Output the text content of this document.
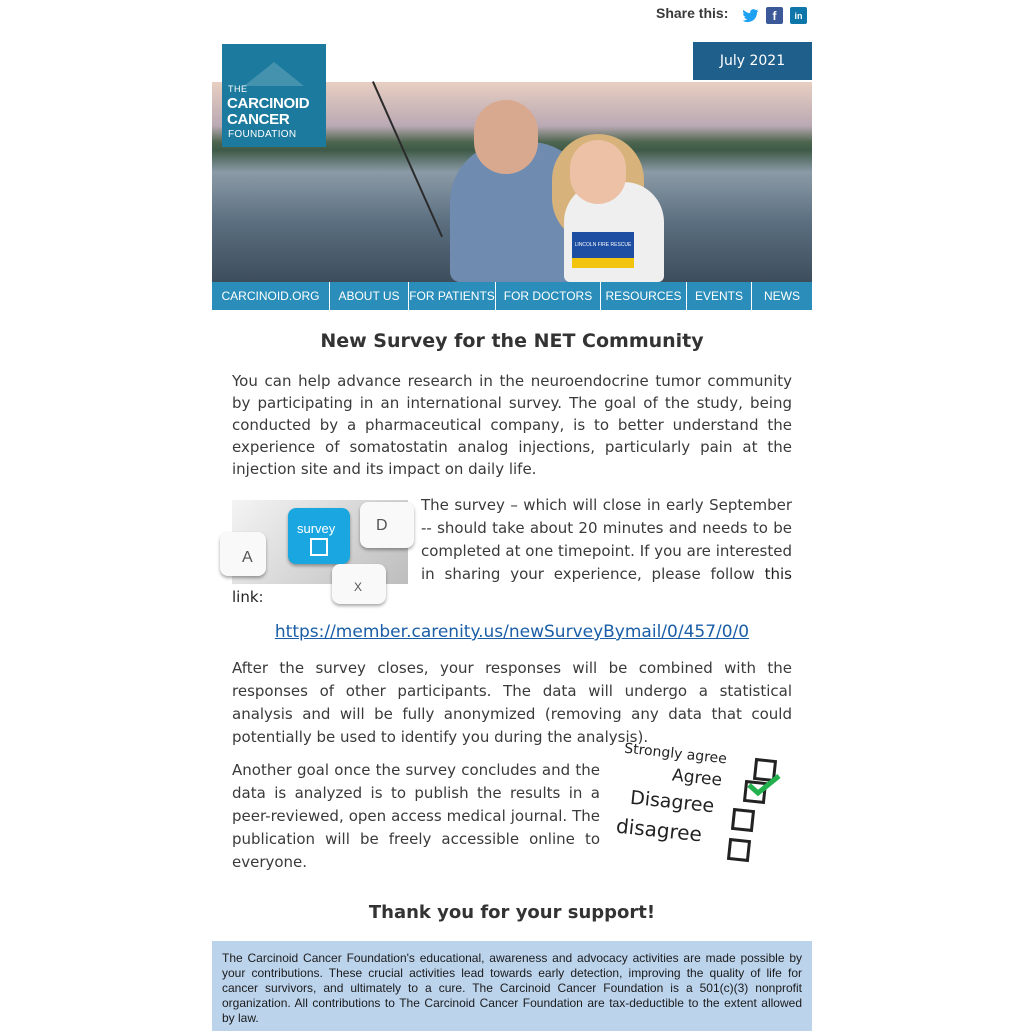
Share this:	f	in
July 2021
LINCOLN FIRE RESCUE
THE
CARCINOID
CANCER
FOUNDATION
CARCINOID.ORG	ABOUT US FOR PATIENTS FOR DOCTORS	RESOURCES	EVENTS	NEWS
New Survey for the NET Community
You can help advance research in the neuroendocrine tumor community by participating in an international survey. The goal of the study, being conducted by a pharmaceutical company, is to better understand the experience of somatostatin analog injections, particularly pain at the injection site and its impact on daily life.
A
survey	D
X
The survey – which will close in early September -- should take about 20 minutes and needs to be completed at one timepoint. If you are interested in sharing your experience, please follow this link:
https://member.carenity.us/newSurveyBymail/0/457/0/0
After the survey closes, your responses will be combined with the responses of other participants. The data will undergo a statistical analysis and will be fully anonymized (removing any data that could potentially be used to identify you during the analysis).
Strongly agree
Agree
Disagree
disagree
Another goal once the survey concludes and the data is analyzed is to publish the results in a peer-reviewed, open access medical journal. The publication will be freely accessible online to everyone.
Thank you for your support!

The Carcinoid Cancer Foundation's educational, awareness and advocacy activities are made possible by your contributions. These crucial activities lead towards early detection, improving the quality of life for cancer survivors, and ultimately to a cure. The Carcinoid Cancer Foundation is a 501(c)(3) nonprofit organization. All contributions to The Carcinoid Cancer Foundation are tax-deductible to the extent allowed by law.
